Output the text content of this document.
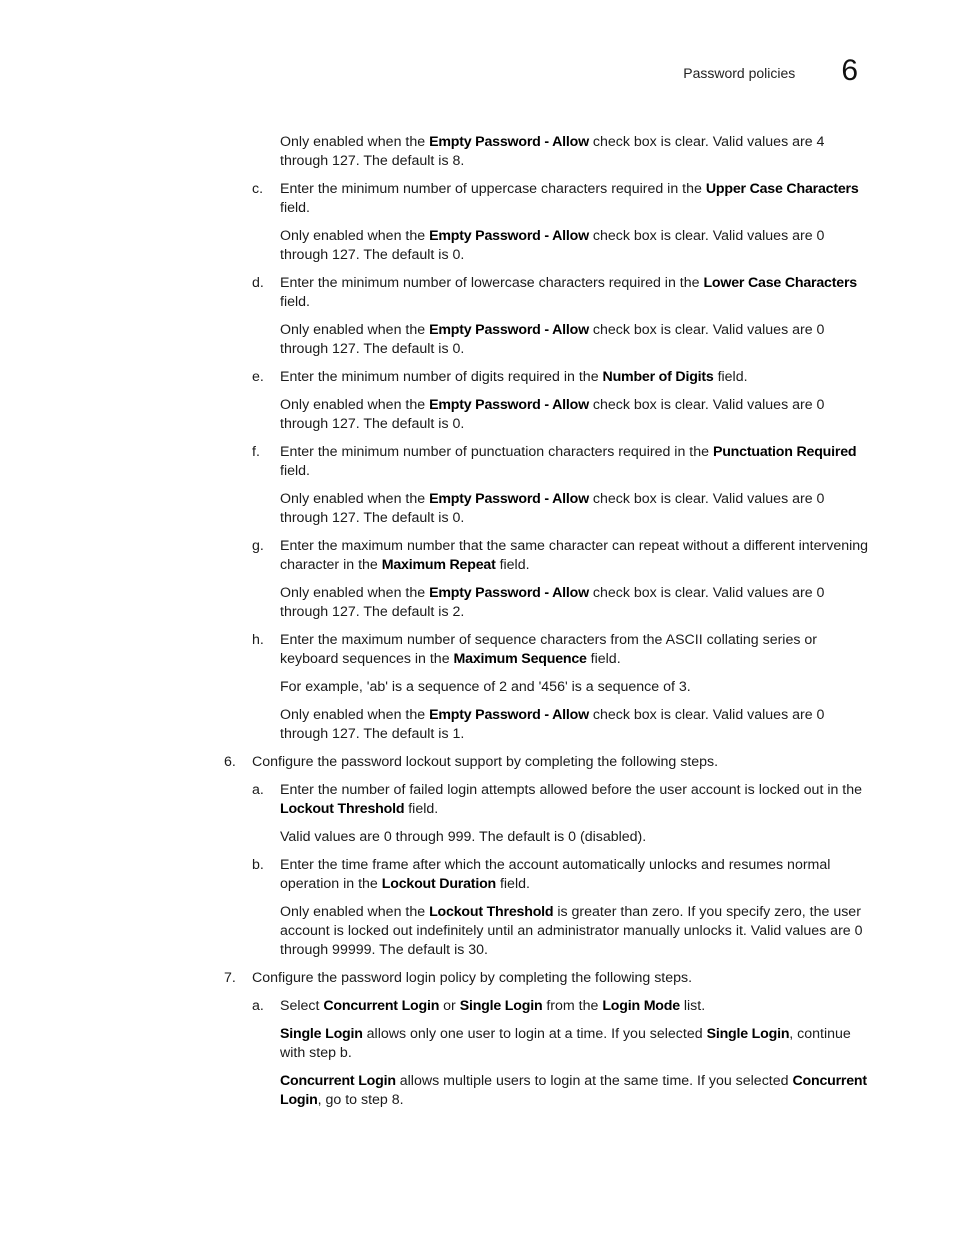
Password policies 6

Only enabled when the Empty Password - Allow check box is clear. Valid values are 4 through 127. The default is 8.

c. Enter the minimum number of uppercase characters required in the Upper Case Characters field.

Only enabled when the Empty Password - Allow check box is clear. Valid values are 0 through 127. The default is 0.

d. Enter the minimum number of lowercase characters required in the Lower Case Characters field.

Only enabled when the Empty Password - Allow check box is clear. Valid values are 0 through 127. The default is 0.

e. Enter the minimum number of digits required in the Number of Digits field.

Only enabled when the Empty Password - Allow check box is clear. Valid values are 0 through 127. The default is 0.

f. Enter the minimum number of punctuation characters required in the Punctuation Required field.

Only enabled when the Empty Password - Allow check box is clear. Valid values are 0 through 127. The default is 0.

g. Enter the maximum number that the same character can repeat without a different intervening character in the Maximum Repeat field.

Only enabled when the Empty Password - Allow check box is clear. Valid values are 0 through 127. The default is 2.

h. Enter the maximum number of sequence characters from the ASCII collating series or keyboard sequences in the Maximum Sequence field.

For example, 'ab' is a sequence of 2 and '456' is a sequence of 3.

Only enabled when the Empty Password - Allow check box is clear. Valid values are 0 through 127. The default is 1.

6. Configure the password lockout support by completing the following steps.

a. Enter the number of failed login attempts allowed before the user account is locked out in the Lockout Threshold field.

Valid values are 0 through 999. The default is 0 (disabled).

b. Enter the time frame after which the account automatically unlocks and resumes normal operation in the Lockout Duration field.

Only enabled when the Lockout Threshold is greater than zero. If you specify zero, the user account is locked out indefinitely until an administrator manually unlocks it. Valid values are 0 through 99999. The default is 30.

7. Configure the password login policy by completing the following steps.

a. Select Concurrent Login or Single Login from the Login Mode list.

Single Login allows only one user to login at a time. If you selected Single Login, continue with step b.

Concurrent Login allows multiple users to login at the same time. If you selected Concurrent Login, go to step 8.
